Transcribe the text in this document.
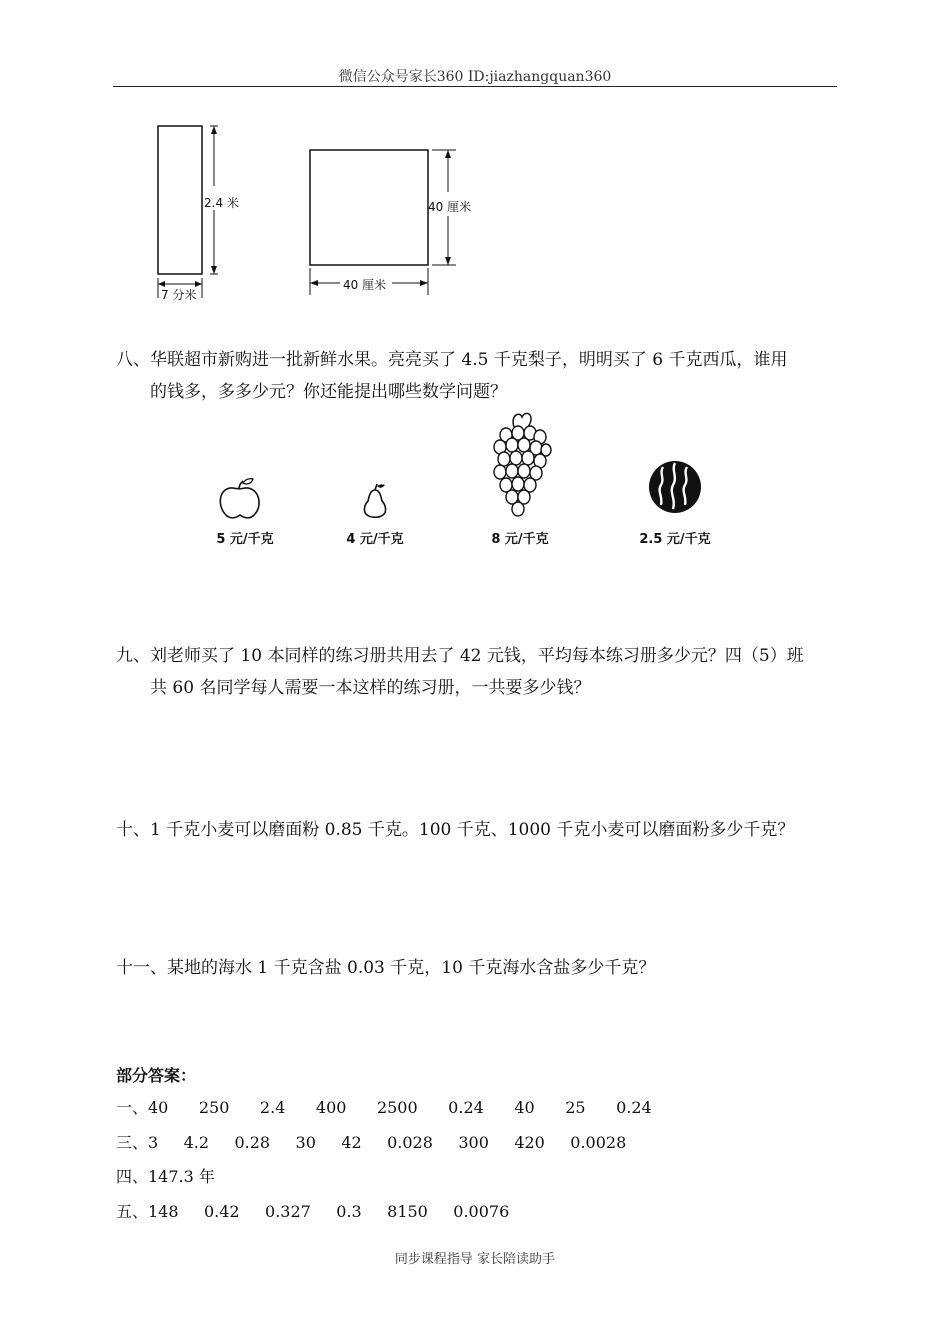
微信公众号家长360 ID:jiazhangquan360
2.4 米
7 分米
40 厘米
40 厘米
八、华联超市新购进一批新鲜水果。亮亮买了 4.5 千克梨子，明明买了 6 千克西瓜，谁用
的钱多，多多少元？你还能提出哪些数学问题？
5 元/千克	4 元/千克	8 元/千克	2.5 元/千克
九、刘老师买了 10 本同样的练习册共用去了 42 元钱，平均每本练习册多少元？四（5）班
共 60 名同学每人需要一本这样的练习册，一共要多少钱？
十、1 千克小麦可以磨面粉 0.85 千克。100 千克、1000 千克小麦可以磨面粉多少千克？
十一、某地的海水 1 千克含盐 0.03 千克，10 千克海水含盐多少千克？
部分答案：
一、40      250      2.4      400      2500      0.24      40      25      0.24
三、3     4.2     0.28     30     42     0.028     300     420     0.0028
四、147.3 年
五、148     0.42     0.327     0.3     8150     0.0076
同步课程指导 家长陪读助手
